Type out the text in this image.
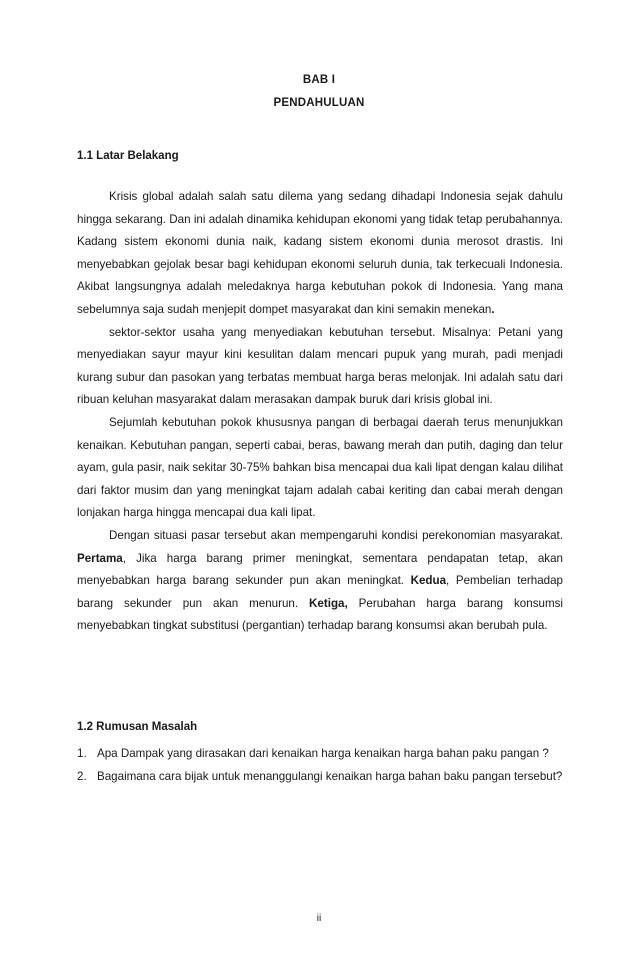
BAB I
PENDAHULUAN
1.1 Latar Belakang

Krisis global adalah salah satu dilema yang sedang dihadapi Indonesia sejak dahulu hingga sekarang. Dan ini adalah dinamika kehidupan ekonomi yang tidak tetap perubahannya. Kadang sistem ekonomi dunia naik, kadang sistem ekonomi dunia merosot drastis. Ini menyebabkan gejolak besar bagi kehidupan ekonomi seluruh dunia, tak terkecuali Indonesia. Akibat langsungnya adalah meledaknya harga kebutuhan pokok di Indonesia. Yang mana sebelumnya saja sudah menjepit dompet masyarakat dan kini semakin menekan.

sektor-sektor usaha yang menyediakan kebutuhan tersebut. Misalnya: Petani yang menyediakan sayur mayur kini kesulitan dalam mencari pupuk yang murah, padi menjadi kurang subur dan pasokan yang terbatas membuat harga beras melonjak. Ini adalah satu dari ribuan keluhan masyarakat dalam merasakan dampak buruk dari krisis global ini.

Sejumlah kebutuhan pokok khususnya pangan di berbagai daerah terus menunjukkan kenaikan. Kebutuhan pangan, seperti cabai, beras, bawang merah dan putih, daging dan telur ayam, gula pasir, naik sekitar 30-75% bahkan bisa mencapai dua kali lipat dengan kalau dilihat dari faktor musim dan yang meningkat tajam adalah cabai keriting dan cabai merah dengan lonjakan harga hingga mencapai dua kali lipat.

Dengan situasi pasar tersebut akan mempengaruhi kondisi perekonomian masyarakat. Pertama, Jika harga barang primer meningkat, sementara pendapatan tetap, akan menyebabkan harga barang sekunder pun akan meningkat. Kedua, Pembelian terhadap barang sekunder pun akan menurun. Ketiga, Perubahan harga barang konsumsi menyebabkan tingkat substitusi (pergantian) terhadap barang konsumsi akan berubah pula.

1.2 Rumusan Masalah
1. Apa Dampak yang dirasakan dari kenaikan harga kenaikan harga bahan paku pangan ?
2. Bagaimana cara bijak untuk menanggulangi kenaikan harga bahan baku pangan tersebut?
ii
